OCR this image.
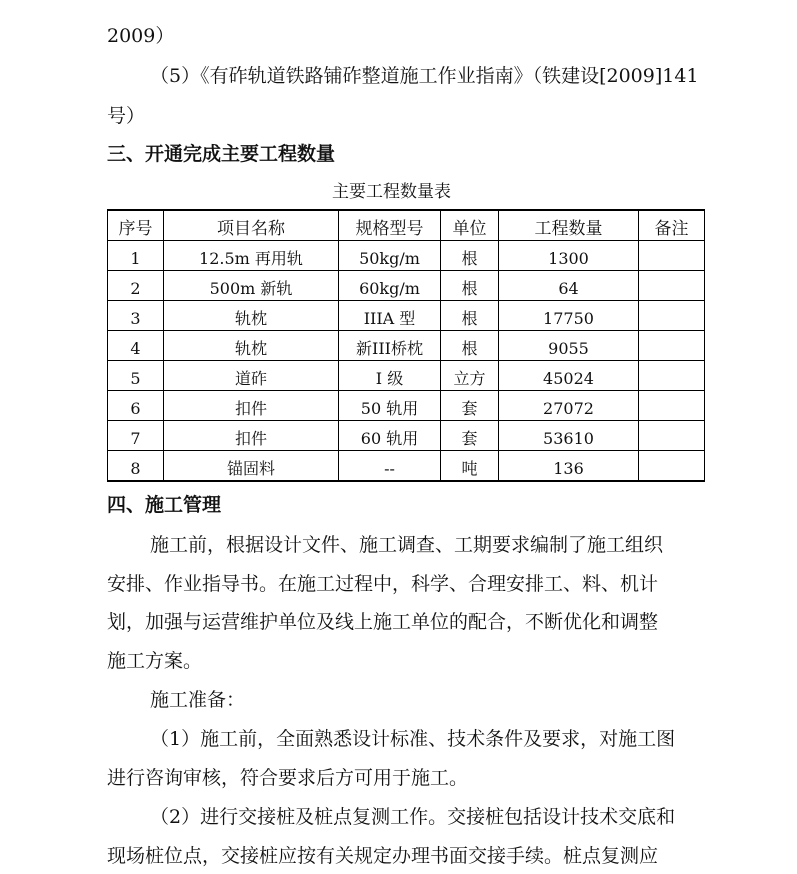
2009）
（5）《有砟轨道铁路铺砟整道施工作业指南》（铁建设[2009]141
号）
三、开通完成主要工程数量
主要工程数量表
序号	项目名称	规格型号	单位	工程数量	备注
1	12.5m 再用轨	50kg/m	根	1300	
2	500m 新轨	60kg/m	根	64	
3	轨枕	IIIA 型	根	17750	
4	轨枕	新III桥枕	根	9055	
5	道砟	I 级	立方	45024	
6	扣件	50 轨用	套	27072	
7	扣件	60 轨用	套	53610	
8	锚固料	--	吨	136	
四、施工管理
施工前，根据设计文件、施工调查、工期要求编制了施工组织
安排、作业指导书。在施工过程中，科学、合理安排工、料、机计
划，加强与运营维护单位及线上施工单位的配合，不断优化和调整
施工方案。
施工准备：
（1）施工前，全面熟悉设计标准、技术条件及要求，对施工图
进行咨询审核，符合要求后方可用于施工。
（2）进行交接桩及桩点复测工作。交接桩包括设计技术交底和
现场桩位点，交接桩应按有关规定办理书面交接手续。桩点复测应
